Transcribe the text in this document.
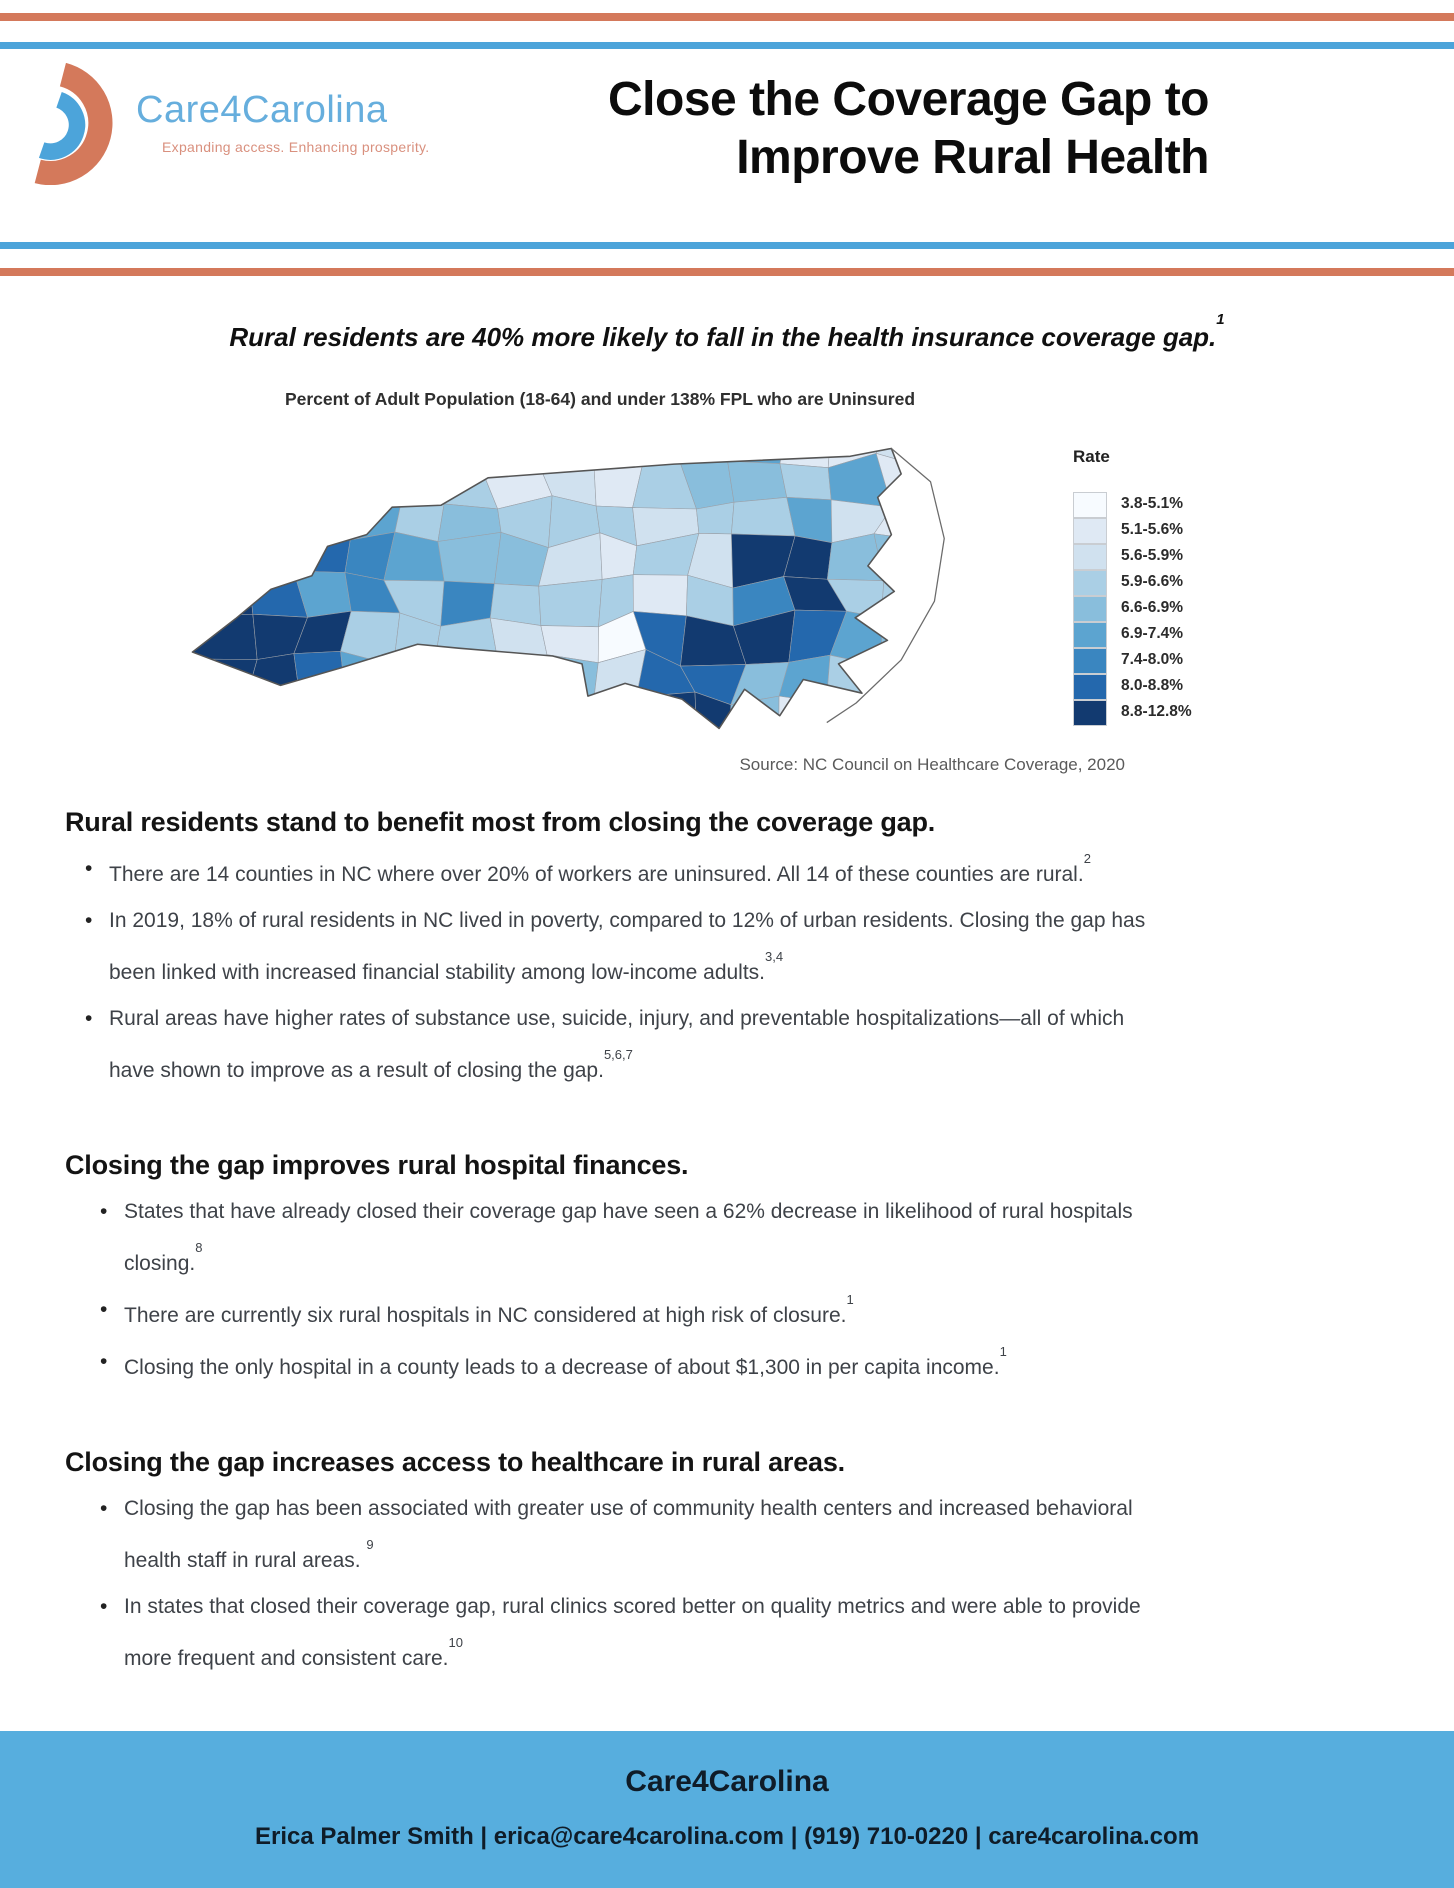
Care4Carolina
Expanding access. Enhancing prosperity.
Close the Coverage Gap to
Improve Rural Health

Rural residents are 40% more likely to fall in the health insurance coverage gap.$^1$

Percent of Adult Population (18-64) and under 138% FPL who are Uninsured
Rate
3.8-5.1%
5.1-5.6%
5.6-5.9%
5.9-6.6%
6.6-6.9%
6.9-7.4%
7.4-8.0%
8.0-8.8%
8.8-12.8%
Source: NC Council on Healthcare Coverage, 2020
Rural residents stand to benefit most from closing the coverage gap.
• There are 14 counties in NC where over 20% of workers are uninsured. All 14 of these counties are rural.$^2$

• In 2019, 18% of rural residents in NC lived in poverty, compared to 12% of urban residents. Closing the gap has been linked with increased financial stability among low-income adults.$^{3,4}$

• Rural areas have higher rates of substance use, suicide, injury, and preventable hospitalizations—all of which have shown to improve as a result of closing the gap.$^{5,6,7}$

Closing the gap improves rural hospital finances.
• States that have already closed their coverage gap have seen a 62% decrease in likelihood of rural hospitals closing.$^8$

• There are currently six rural hospitals in NC considered at high risk of closure.$^1$

• Closing the only hospital in a county leads to a decrease of about $1,300 in per capita income.$^1$

Closing the gap increases access to healthcare in rural areas.
• Closing the gap has been associated with greater use of community health centers and increased behavioral health staff in rural areas. $^9$

• In states that closed their coverage gap, rural clinics scored better on quality metrics and were able to provide more frequent and consistent care.$^{10}$

Care4Carolina
Erica Palmer Smith | erica@care4carolina.com | (919) 710-0220 | care4carolina.com
